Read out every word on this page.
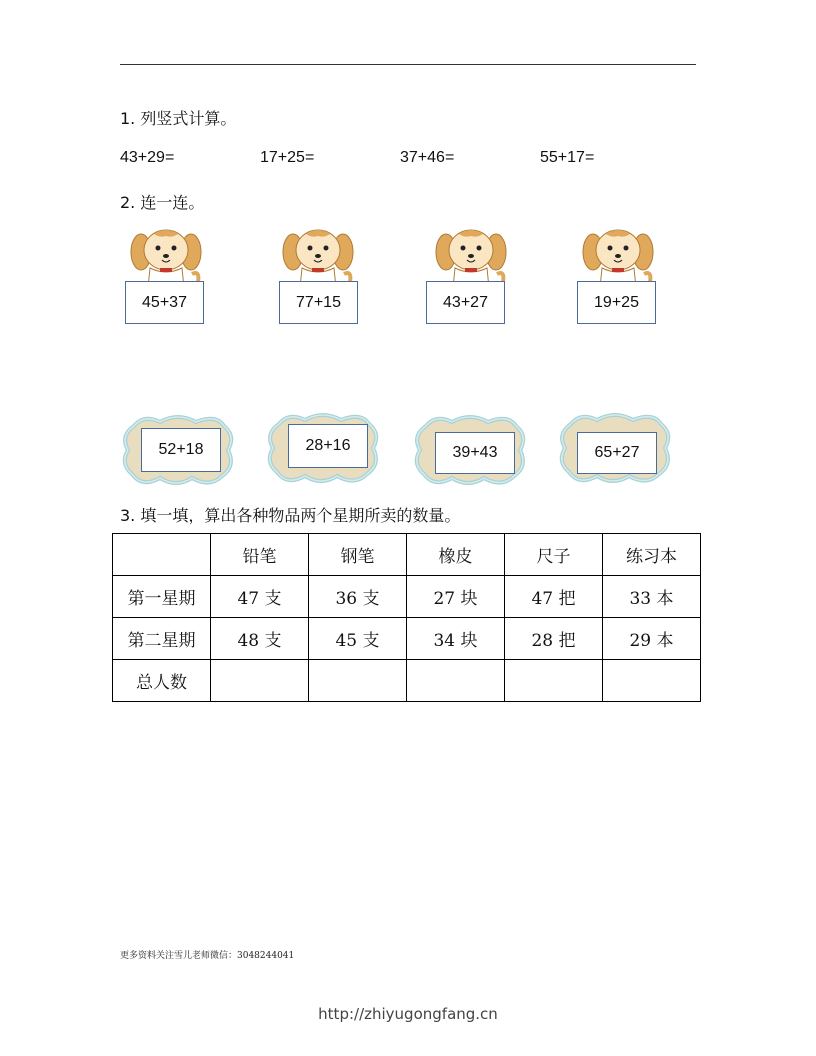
1. 列竖式计算。
43+29=	17+25=	37+46=	55+17=
2. 连一连。
45+37	77+15	43+27	19+25
52+18	28+16	39+43	65+27
3. 填一填，算出各种物品两个星期所卖的数量。
	铅笔	钢笔	橡皮	尺子	练习本
第一星期	47 支	36 支	27 块	47 把	33 本
第二星期	48 支	45 支	34 块	28 把	29 本
总人数					
更多资料关注雪儿老师微信：3048244041
http://zhiyugongfang.cn
